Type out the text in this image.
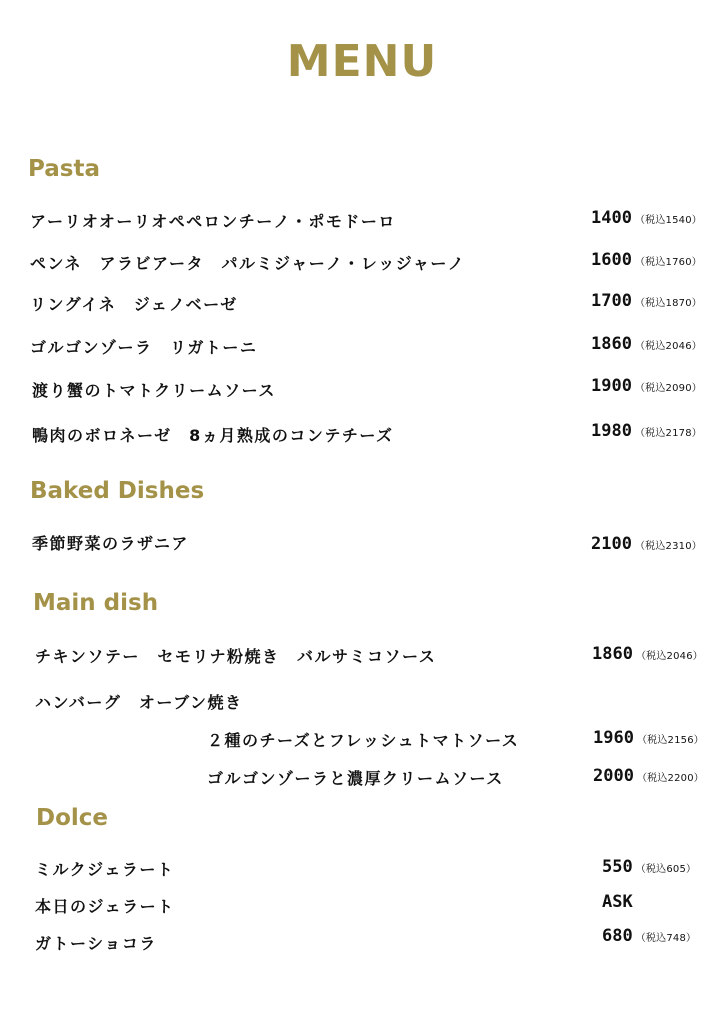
MENU
Pasta
アーリオオーリオペペロンチーノ・ポモドーロ	1400 （税込1540）
ペンネ　アラビアータ　パルミジャーノ・レッジャーノ	1600 （税込1760）
リングイネ　ジェノベーゼ	1700 （税込1870）
ゴルゴンゾーラ　リガトーニ	1860 （税込2046）
渡り蟹のトマトクリームソース	1900 （税込2090）
鴨肉のボロネーゼ　8ヵ月熟成のコンテチーズ	1980 （税込2178）
Baked Dishes
季節野菜のラザニア	2100 （税込2310）
Main dish
チキンソテー　セモリナ粉焼き　バルサミコソース	1860 （税込2046）
ハンバーグ　オーブン焼き
２種のチーズとフレッシュトマトソース	1960 （税込2156）
ゴルゴンゾーラと濃厚クリームソース	2000 （税込2200）
Dolce
ミルクジェラート	550 （税込605）
本日のジェラート	ASK
ガトーショコラ	680 （税込748）
